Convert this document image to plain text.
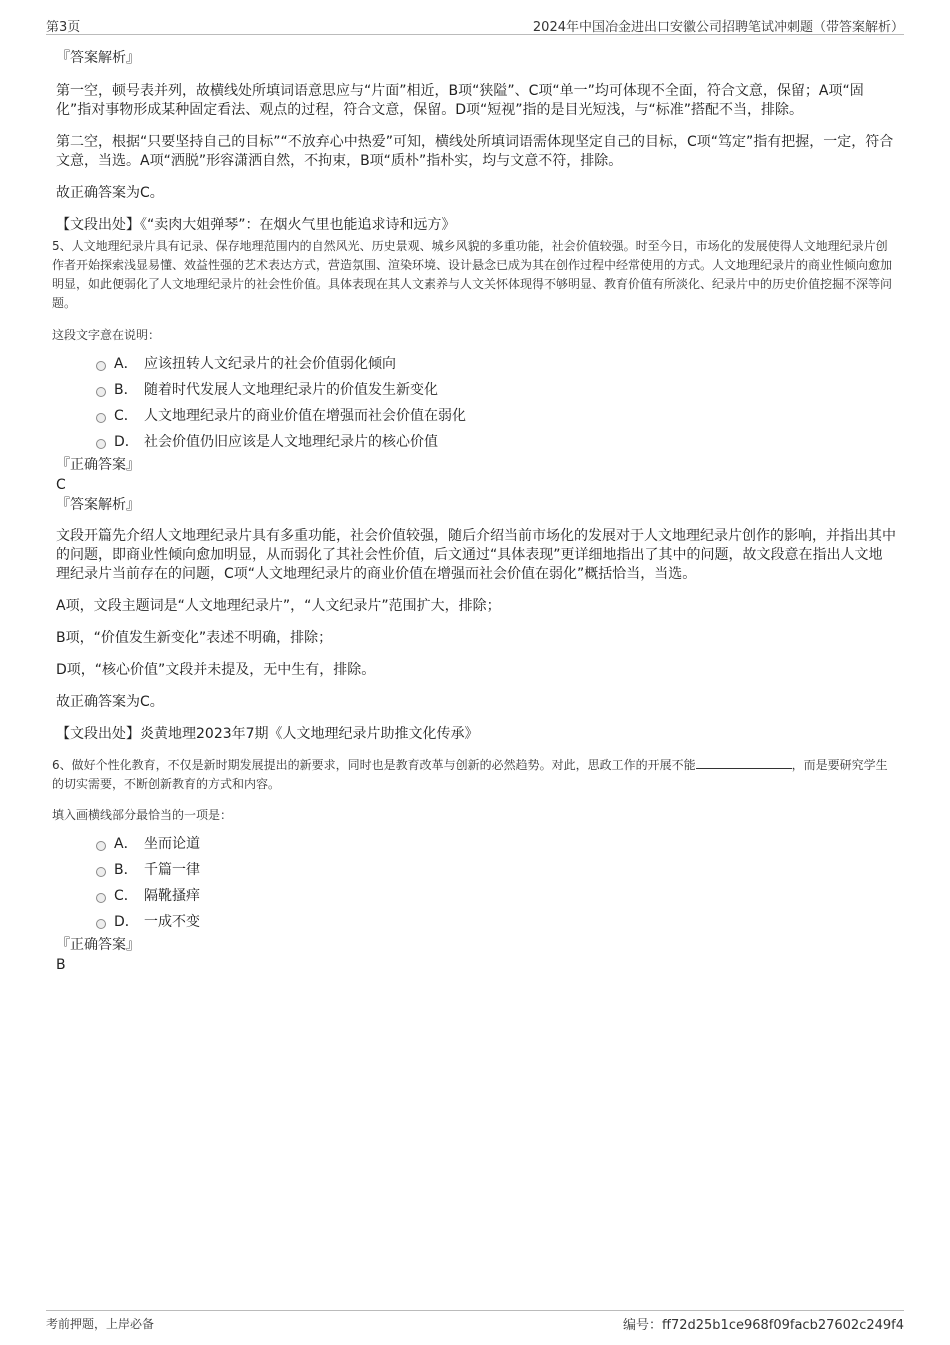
第3页	2024年中国冶金进出口安徽公司招聘笔试冲刺题（带答案解析）

『答案解析』

第一空，顿号表并列，故横线处所填词语意思应与“片面”相近，B项“狭隘”、C项“单一”均可体现不全面，符合文意，保留；A项“固化”指对事物形成某种固定看法、观点的过程，符合文意，保留。D项“短视”指的是目光短浅，与“标准”搭配不当，排除。

第二空，根据“只要坚持自己的目标”“不放弃心中热爱”可知，横线处所填词语需体现坚定自己的目标，C项“笃定”指有把握，一定，符合文意，当选。A项“洒脱”形容潇洒自然，不拘束，B项“质朴”指朴实，均与文意不符，排除。

故正确答案为C。

【文段出处】《“卖肉大姐弹琴”：在烟火气里也能追求诗和远方》

5、人文地理纪录片具有记录、保存地理范围内的自然风光、历史景观、城乡风貌的多重功能，社会价值较强。时至今日，市场化的发展使得人文地理纪录片创作者开始探索浅显易懂、效益性强的艺术表达方式，营造氛围、渲染环境、设计悬念已成为其在创作过程中经常使用的方式。人文地理纪录片的商业性倾向愈加明显，如此便弱化了人文地理纪录片的社会性价值。具体表现在其人文素养与人文关怀体现得不够明显、教育价值有所淡化、纪录片中的历史价值挖掘不深等问题。

这段文字意在说明：

A． 应该扭转人文纪录片的社会价值弱化倾向
B． 随着时代发展人文地理纪录片的价值发生新变化
C． 人文地理纪录片的商业价值在增强而社会价值在弱化
D． 社会价值仍旧应该是人文地理纪录片的核心价值

『正确答案』

C

『答案解析』

文段开篇先介绍人文地理纪录片具有多重功能，社会价值较强，随后介绍当前市场化的发展对于人文地理纪录片创作的影响，并指出其中的问题，即商业性倾向愈加明显，从而弱化了其社会性价值，后文通过“具体表现”更详细地指出了其中的问题，故文段意在指出人文地理纪录片当前存在的问题，C项“人文地理纪录片的商业价值在增强而社会价值在弱化”概括恰当，当选。

A项，文段主题词是“人文地理纪录片”，“人文纪录片”范围扩大，排除；

B项，“价值发生新变化”表述不明确，排除；

D项，“核心价值”文段并未提及，无中生有，排除。

故正确答案为C。

【文段出处】炎黄地理2023年7期《人文地理纪录片助推文化传承》

6、做好个性化教育，不仅是新时期发展提出的新要求，同时也是教育改革与创新的必然趋势。对此，思政工作的开展不能	，而是要研究学生的切实需要，不断创新教育的方式和内容。

填入画横线部分最恰当的一项是：

A． 坐而论道
B． 千篇一律
C． 隔靴搔痒
D． 一成不变

『正确答案』

B

考前押题，上岸必备	编号：ff72d25b1ce968f09facb27602c249f4
